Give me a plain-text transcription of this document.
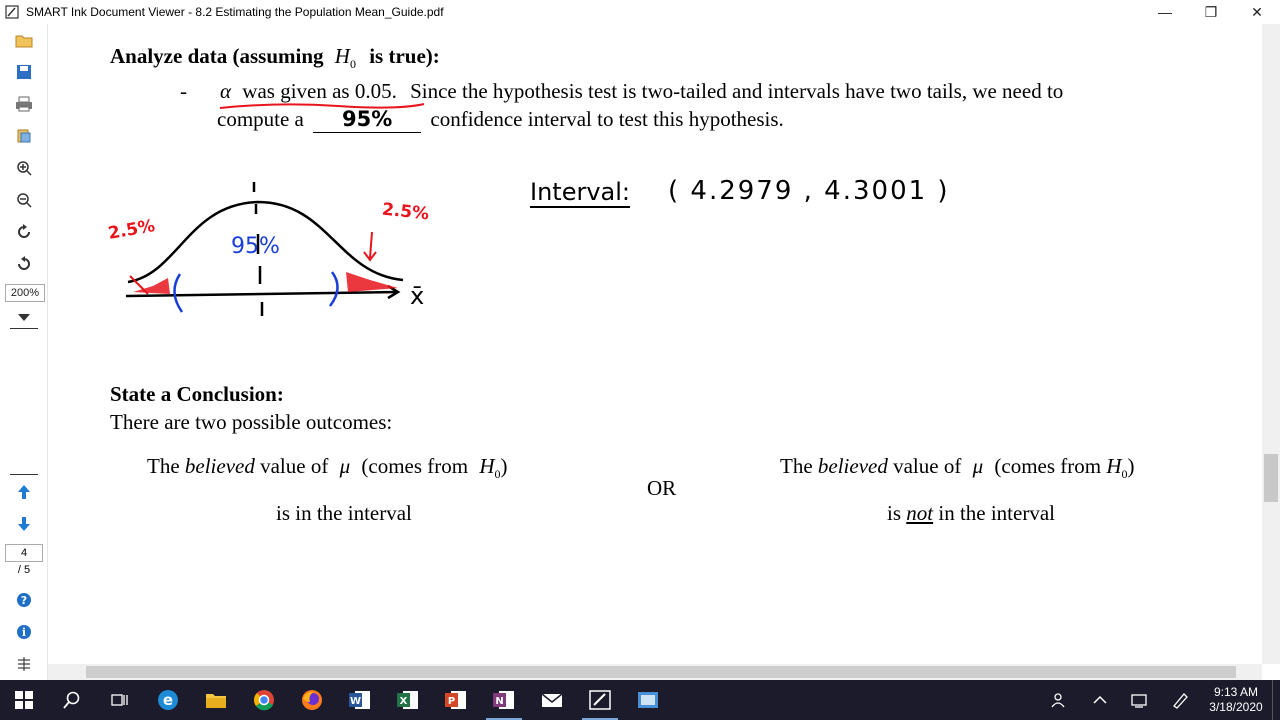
SMART Ink Document Viewer - 8.2 Estimating the Population Mean_Guide.pdf	—	❐	✕
200%
4
/ 5
?
i
Analyze data (assuming $H_0$ is true):
- α was given as 0.05. Since the hypothesis test is two-tailed and intervals have two tails, we need to
compute a 95% confidence interval to test this hypothesis.
2.5%
2.5%
95%
x̄
Interval: ( 4.2979 , 4.3001 )
State a Conclusion:
There are two possible outcomes:
The believed value of μ (comes from $H_0$)
is in the interval
OR
The believed value of μ (comes from $H_0$)
is not in the interval
e	W	X	P	N
9:13 AM
3/18/2020
